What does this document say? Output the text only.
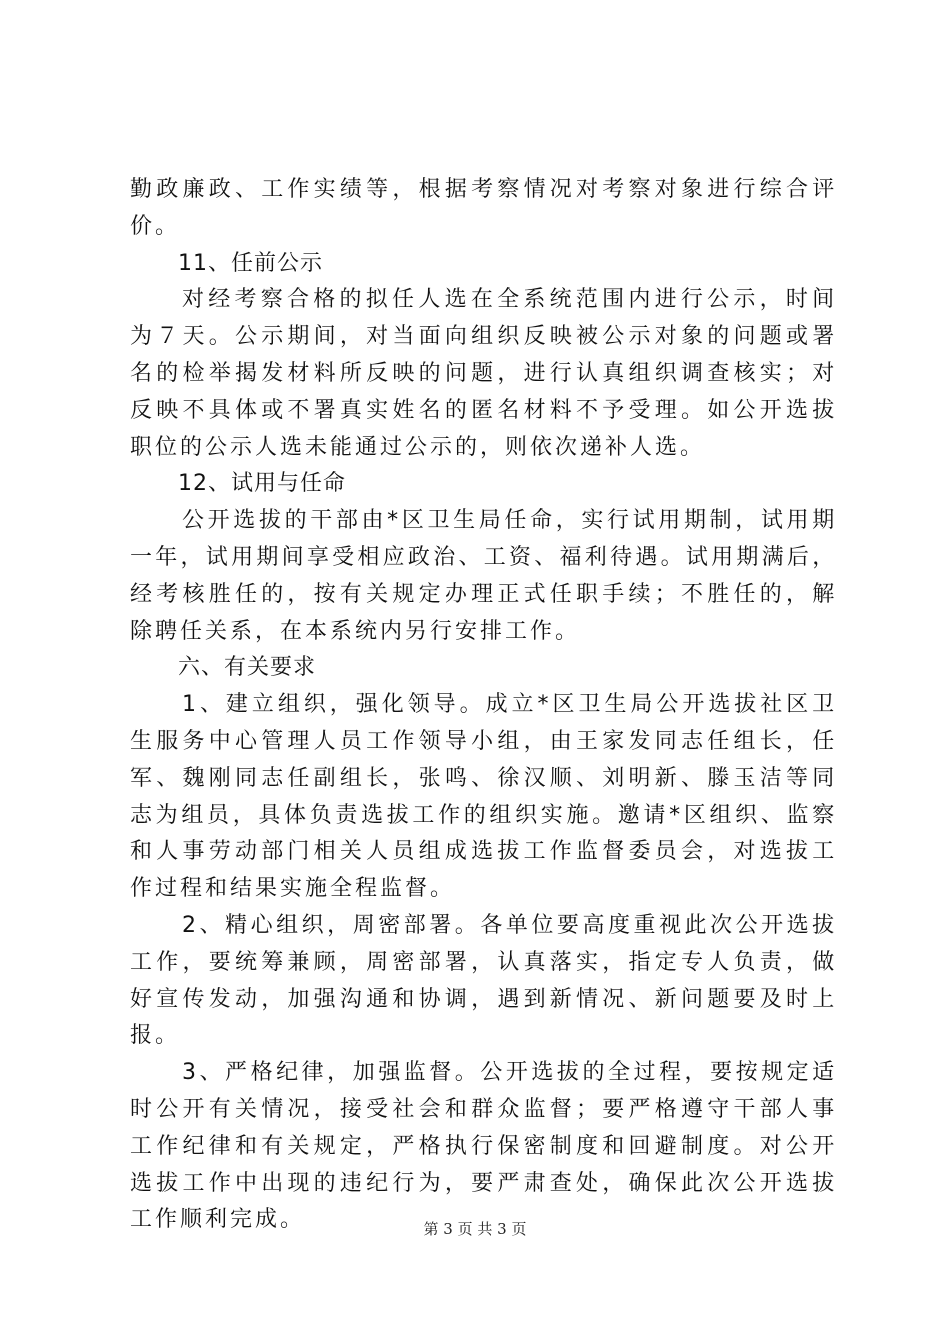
勤政廉政、工作实绩等，根据考察情况对考察对象进行综合评
价。
11、任前公示
对经考察合格的拟任人选在全系统范围内进行公示，时间
为７天。公示期间，对当面向组织反映被公示对象的问题或署
名的检举揭发材料所反映的问题，进行认真组织调查核实；对
反映不具体或不署真实姓名的匿名材料不予受理。如公开选拔
职位的公示人选未能通过公示的，则依次递补人选。
12、试用与任命
公开选拔的干部由*区卫生局任命，实行试用期制，试用期
一年，试用期间享受相应政治、工资、福利待遇。试用期满后，
经考核胜任的，按有关规定办理正式任职手续；不胜任的，解
除聘任关系，在本系统内另行安排工作。
六、有关要求
1、建立组织，强化领导。成立*区卫生局公开选拔社区卫
生服务中心管理人员工作领导小组，由王家发同志任组长，任
军、魏刚同志任副组长，张鸣、徐汉顺、刘明新、滕玉洁等同
志为组员，具体负责选拔工作的组织实施。邀请*区组织、监察
和人事劳动部门相关人员组成选拔工作监督委员会，对选拔工
作过程和结果实施全程监督。
2、精心组织，周密部署。各单位要高度重视此次公开选拔
工作，要统筹兼顾，周密部署，认真落实，指定专人负责，做
好宣传发动，加强沟通和协调，遇到新情况、新问题要及时上
报。
3、严格纪律，加强监督。公开选拔的全过程，要按规定适
时公开有关情况，接受社会和群众监督；要严格遵守干部人事
工作纪律和有关规定，严格执行保密制度和回避制度。对公开
选拔工作中出现的违纪行为，要严肃查处，确保此次公开选拔
工作顺利完成。	第 3 页 共 3 页
